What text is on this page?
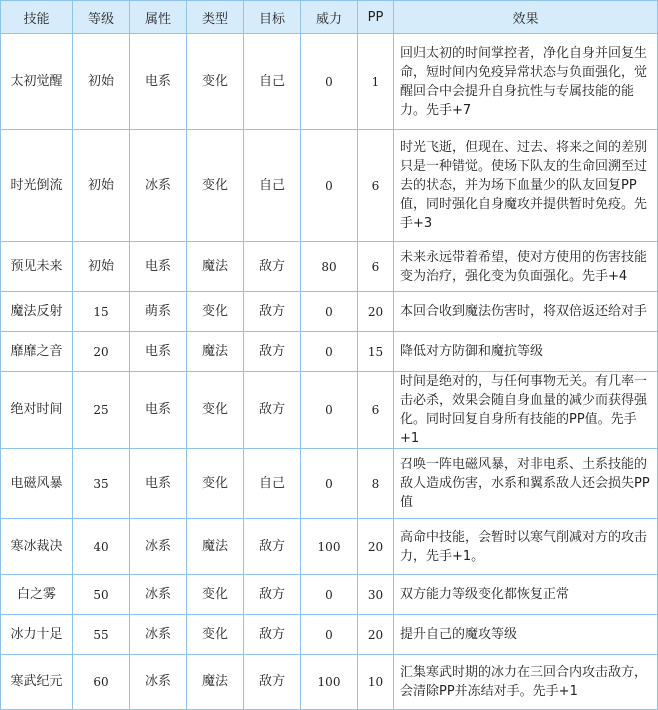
技能	等级	属性	类型	目标	威力	PP	效果
太初觉醒	初始	电系	变化	自己	0	1	回归太初的时间掌控者，净化自身并回复生命，短时间内免疫异常状态与负面强化，觉醒回合中会提升自身抗性与专属技能的能力。先手+7
时光倒流	初始	冰系	变化	自己	0	6	时光飞逝，但现在、过去、将来之间的差别只是一种错觉。使场下队友的生命回溯至过去的状态，并为场下血量少的队友回复PP值，同时强化自身魔攻并提供暂时免疫。先手+3
预见未来	初始	电系	魔法	敌方	80	6	未来永远带着希望，使对方使用的伤害技能变为治疗，强化变为负面强化。先手+4
魔法反射	15	萌系	变化	敌方	0	20	本回合收到魔法伤害时，将双倍返还给对手
靡靡之音	20	电系	魔法	敌方	0	15	降低对方防御和魔抗等级
绝对时间	25	电系	变化	敌方	0	6	时间是绝对的，与任何事物无关。有几率一击必杀，效果会随自身血量的减少而获得强化。同时回复自身所有技能的PP值。先手+1
电磁风暴	35	电系	变化	自己	0	8	召唤一阵电磁风暴，对非电系、土系技能的敌人造成伤害，水系和翼系敌人还会损失PP值
寒冰裁决	40	冰系	魔法	敌方	100	20	高命中技能，会暂时以寒气削减对方的攻击力，先手+1。
白之雾	50	冰系	变化	敌方	0	30	双方能力等级变化都恢复正常
冰力十足	55	冰系	变化	敌方	0	20	提升自己的魔攻等级
寒武纪元	60	冰系	魔法	敌方	100	10	汇集寒武时期的冰力在三回合内攻击敌方，会清除PP并冻结对手。先手+1
